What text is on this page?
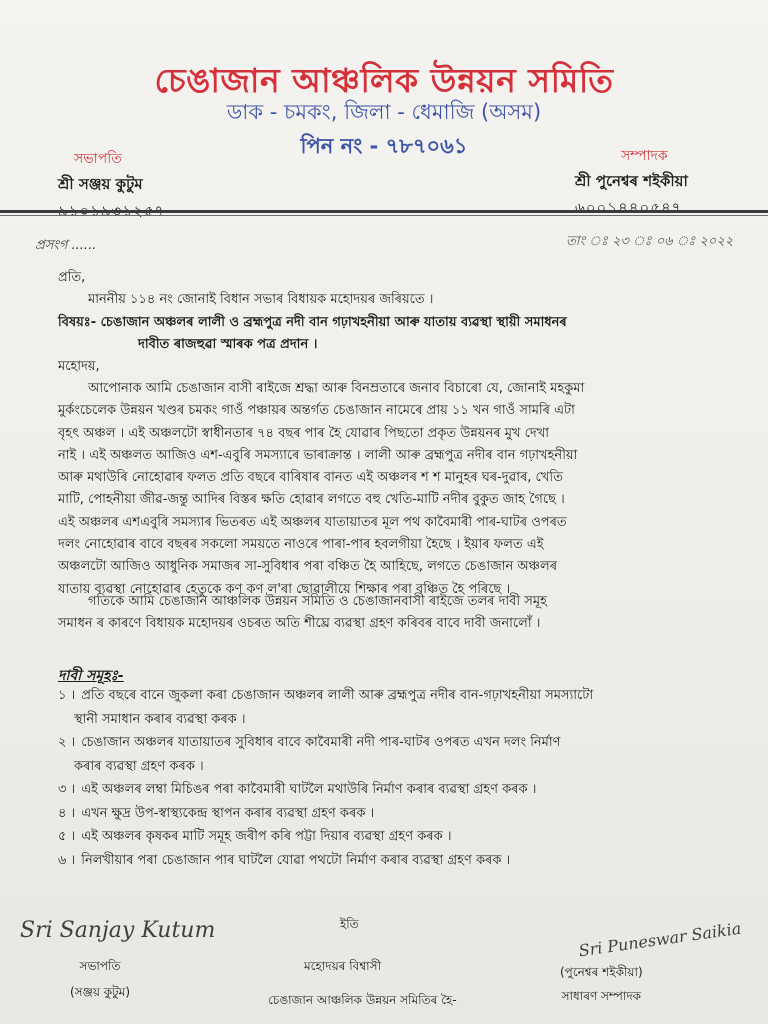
চেঙাজান আঞ্চলিক উন্নয়ন সমিতি
ডাক - চমকং, জিলা - ধেমাজি (অসম)
পিন নং - ৭৮৭০৬১
সভাপতি
শ্ৰী সঞ্জয় কুটুম
৯১০১৯৩১২৫৭
সম্পাদক
শ্ৰী পুনেশ্বৰ শইকীয়া
৬০০১৪৪০৫৪৭
প্ৰসংগ ......	তাং ঃ ২৩ ঃ ০৬ ঃ ২০২২
প্ৰতি,
মাননীয় ১১৪ নং জোনাই বিধান সভাৰ বিধায়ক মহোদয়ৰ জৰিয়তে ।
বিষয়ঃ- চেঙাজান অঞ্চলৰ লালী ও ব্ৰহ্মপুত্ৰ নদী বান গঢ়াখহনীয়া আৰু যাতায় ব্যৱস্থা স্থায়ী সমাধনৰ
দাবীত ৰাজহুৱা স্মাৰক পত্ৰ প্ৰদান ।
মহোদয়,

আপোনাক আমি চেঙাজান বাসী ৰাইজে শ্ৰদ্ধা আৰু বিনম্ৰতাৰে জনাব বিচাৰো যে, জোনাই মহকুমা

মুৰ্কংচেলেক উন্নয়ন খণ্ডৰ চমকং গাওঁ পঞ্চায়ৰ অন্তৰ্গত চেঙাজান নামেৰে প্ৰায় ১১ খন গাওঁ সামৰি এটা

বৃহৎ অঞ্চল । এই অঞ্চলটো স্বাধীনতাৰ ৭৪ বছৰ পাৰ হৈ যোৱাৰ পিছতো প্ৰকৃত উন্নয়নৰ মুখ দেখা

নাই । এই অঞ্চলত আজিও এশ-এবুৰি সমস্যাৰে ভাৰাক্ৰান্ত । লালী আৰু ব্ৰহ্মপুত্ৰ নদীৰ বান গঢ়াখহনীয়া

আৰু মথাউৰি নোহোৱাৰ ফলত প্ৰতি বছৰে বাৰিষাৰ বানত এই অঞ্চলৰ শ শ মানুহৰ ঘৰ-দুৱাৰ, খেতি

মাটি, পোহনীয়া জীৱ-জন্তু আদিৰ বিস্তৰ ক্ষতি হোৱাৰ লগতে বহু খেতি-মাটি নদীৰ বুকুত জাহ গৈছে ।

এই অঞ্চলৰ এশএবুৰি সমস্যাৰ ভিতৰত এই অঞ্চলৰ যাতায়াতৰ মূল পথ কাবৈমাৰী পাৰ-ঘাটৰ ওপৰত

দলং নোহোৱাৰ বাবে বছৰৰ সকলো সময়তে নাওৰে পাৰা-পাৰ হবলগীয়া হৈছে । ইয়াৰ ফলত এই

অঞ্চলটো আজিও আধুনিক সমাজৰ সা-সুবিধাৰ পৰা বঞ্চিত হৈ আহিছে, লগতে চেঙাজান অঞ্চলৰ

যাতায় ব্যৱস্থা নোহোৱাৰ হেতুকে কণ কণ ল'ৰা ছোৱালীয়ে শিক্ষাৰ পৰা বঞ্চিত হৈ পৰিছে ।

গতিকে আমি চেঙাজান আঞ্চলিক উন্নয়ন সমিতি ও চেঙাজানবাসী ৰাইজে তলৰ দাবী সমূহ

সমাধন ৰ কাৰণে বিধায়ক মহোদয়ৰ ওচৰত অতি শীঘ্ৰে ব্যৱস্থা গ্ৰহণ কৰিবৰ বাবে দাবী জনালোঁ ।

দাবী সমূহঃ-
১ । প্ৰতি বছৰে বানে জুকলা কৰা চেঙাজান অঞ্চলৰ লালী আৰু ব্ৰহ্মপুত্ৰ নদীৰ বান-গঢ়াখহনীয়া সমস্যাটো
স্থানী সমাধান কৰাৰ ব্যৱস্থা কৰক ।
২ । চেঙাজান অঞ্চলৰ যাতায়াতৰ সুবিধাৰ বাবে কাবৈমাৰী নদী পাৰ-ঘাটৰ ওপৰত এখন দলং নিৰ্মাণ
কৰাৰ ব্যৱস্থা গ্ৰহণ কৰক ।
৩ । এই অঞ্চলৰ লম্বা মিচিঙৰ পৰা কাবৈমাৰী ঘাটলৈ মথাউৰি নিৰ্মাণ কৰাৰ ব্যৱস্থা গ্ৰহণ কৰক ।
৪ । এখন ক্ষুদ্ৰ উপ-স্বাস্থ্যকেন্দ্ৰ স্থাপন কৰাৰ ব্যৱস্থা গ্ৰহণ কৰক ।
৫ । এই অঞ্চলৰ কৃষকৰ মাটি সমূহ জৰীপ কৰি পট্টা দিয়াৰ ব্যৱস্থা গ্ৰহণ কৰক ।
৬ । নিলখীয়াৰ পৰা চেঙাজান পাৰ ঘাটলৈ যোৱা পথটো নিৰ্মাণ কৰাৰ ব্যৱস্থা গ্ৰহণ কৰক ।
Sri Sanjay Kutum
সভাপতি
(সঞ্জয় কুটুম)
ইতি
মহোদয়ৰ বিশ্বাসী
চেঙাজান আঞ্চলিক উন্নয়ন সমিতিৰ হৈ-
Sri Puneswar Saikia
(পুনেশ্বৰ শইকীয়া)
সাধাৰণ সম্পাদক
